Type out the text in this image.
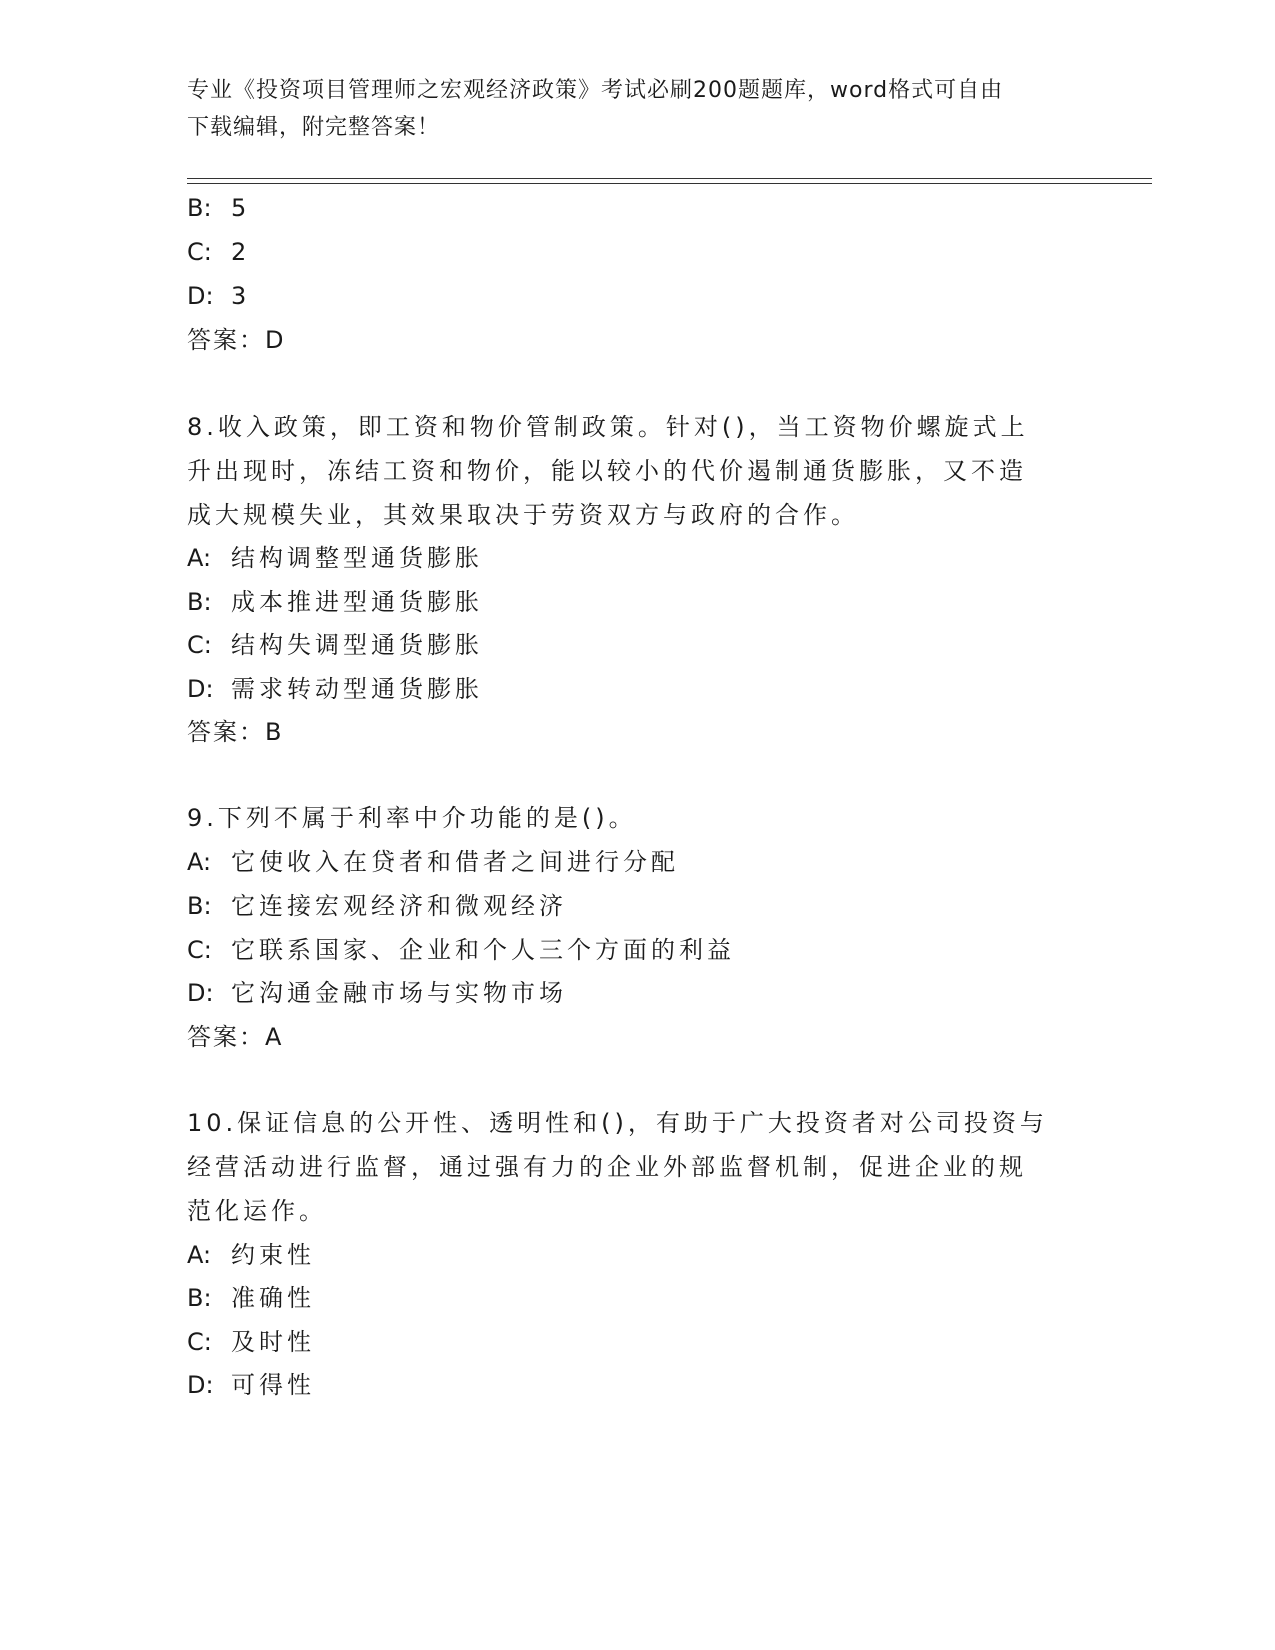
专业《投资项目管理师之宏观经济政策》考试必刷200题题库，word格式可自由
下载编辑，附完整答案！
B: 5
C: 2
D: 3
答案：D
8.收入政策，即工资和物价管制政策。针对()，当工资物价螺旋式上
升出现时，冻结工资和物价，能以较小的代价遏制通货膨胀，又不造
成大规模失业，其效果取决于劳资双方与政府的合作。
A: 结构调整型通货膨胀
B: 成本推进型通货膨胀
C: 结构失调型通货膨胀
D: 需求转动型通货膨胀
答案：B
9.下列不属于利率中介功能的是()。
A: 它使收入在贷者和借者之间进行分配
B: 它连接宏观经济和微观经济
C: 它联系国家、企业和个人三个方面的利益
D: 它沟通金融市场与实物市场
答案：A
10.保证信息的公开性、透明性和()，有助于广大投资者对公司投资与
经营活动进行监督，通过强有力的企业外部监督机制，促进企业的规
范化运作。
A: 约束性
B: 准确性
C: 及时性
D: 可得性
